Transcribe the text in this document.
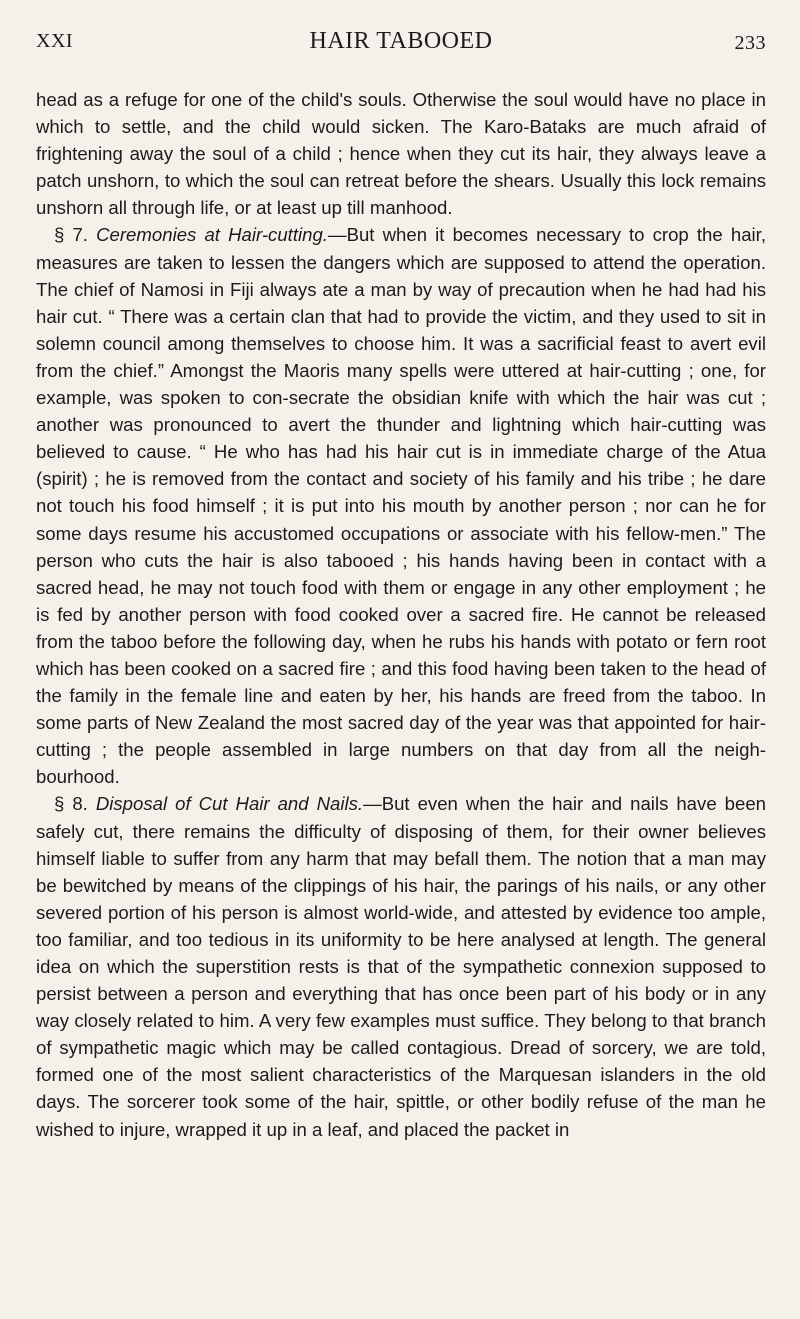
XXI	HAIR TABOOED	233

head as a refuge for one of the child's souls. Otherwise the soul would have no place in which to settle, and the child would sicken. The Karo-Bataks are much afraid of frightening away the soul of a child ; hence when they cut its hair, they always leave a patch unshorn, to which the soul can retreat before the shears. Usually this lock remains unshorn all through life, or at least up till manhood.

§ 7. Ceremonies at Hair-cutting.—But when it becomes necessary to crop the hair, measures are taken to lessen the dangers which are supposed to attend the operation. The chief of Namosi in Fiji always ate a man by way of precaution when he had had his hair cut. “ There was a certain clan that had to provide the victim, and they used to sit in solemn council among themselves to choose him. It was a sacrificial feast to avert evil from the chief.” Amongst the Maoris many spells were uttered at hair-cutting ; one, for example, was spoken to con-secrate the obsidian knife with which the hair was cut ; another was pronounced to avert the thunder and lightning which hair-cutting was believed to cause. “ He who has had his hair cut is in immediate charge of the Atua (spirit) ; he is removed from the contact and society of his family and his tribe ; he dare not touch his food himself ; it is put into his mouth by another person ; nor can he for some days resume his accustomed occupations or associate with his fellow-men.” The person who cuts the hair is also tabooed ; his hands having been in contact with a sacred head, he may not touch food with them or engage in any other employment ; he is fed by another person with food cooked over a sacred fire. He cannot be released from the taboo before the following day, when he rubs his hands with potato or fern root which has been cooked on a sacred fire ; and this food having been taken to the head of the family in the female line and eaten by her, his hands are freed from the taboo. In some parts of New Zealand the most sacred day of the year was that appointed for hair-cutting ; the people assembled in large numbers on that day from all the neigh-bourhood.

§ 8. Disposal of Cut Hair and Nails.—But even when the hair and nails have been safely cut, there remains the difficulty of disposing of them, for their owner believes himself liable to suffer from any harm that may befall them. The notion that a man may be bewitched by means of the clippings of his hair, the parings of his nails, or any other severed portion of his person is almost world-wide, and attested by evidence too ample, too familiar, and too tedious in its uniformity to be here analysed at length. The general idea on which the superstition rests is that of the sympathetic connexion supposed to persist between a person and everything that has once been part of his body or in any way closely related to him. A very few examples must suffice. They belong to that branch of sympathetic magic which may be called contagious. Dread of sorcery, we are told, formed one of the most salient characteristics of the Marquesan islanders in the old days. The sorcerer took some of the hair, spittle, or other bodily refuse of the man he wished to injure, wrapped it up in a leaf, and placed the packet in
